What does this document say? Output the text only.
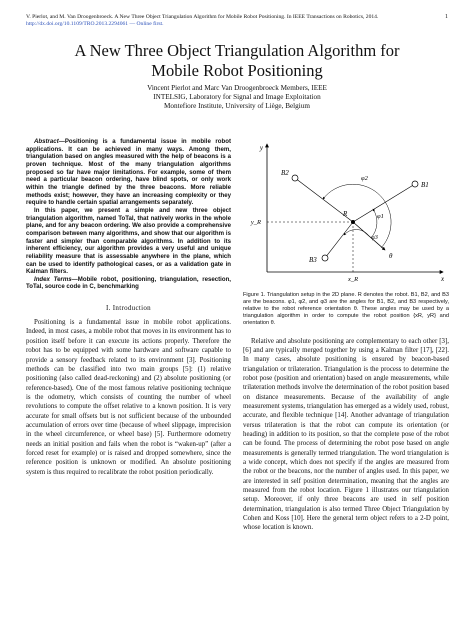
V. Pierlot, and M. Van Droogenbroeck. A New Three Object Triangulation Algorithm for Mobile Robot Positioning. In IEEE Transactions on Robotics, 2014. http://dx.doi.org/10.1109/TRO.2013.2294061 — Online first.
1
A New Three Object Triangulation Algorithm for
Mobile Robot Positioning
Vincent Pierlot and Marc Van Droogenbroeck Members, IEEE
INTELSIG, Laboratory for Signal and Image Exploitation
Montefiore Institute, University of Liège, Belgium

Abstract—Positioning is a fundamental issue in mobile robot applications. It can be achieved in many ways. Among them, triangulation based on angles measured with the help of beacons is a proven technique. Most of the many triangulation algorithms proposed so far have major limitations. For example, some of them need a particular beacon ordering, have blind spots, or only work within the triangle defined by the three beacons. More reliable methods exist; however, they have an increasing complexity or they require to handle certain spatial arrangements separately.

In this paper, we present a simple and new three object triangulation algorithm, named ToTal, that natively works in the whole plane, and for any beacon ordering. We also provide a comprehensive comparison between many algorithms, and show that our algorithm is faster and simpler than comparable algorithms. In addition to its inherent efficiency, our algorithm provides a very useful and unique reliability measure that is assessable anywhere in the plane, which can be used to identify pathological cases, or as a validation gate in Kalman filters.

Index Terms—Mobile robot, positioning, triangulation, resection, ToTal, source code in C, benchmarking

I. Introduction

Positioning is a fundamental issue in mobile robot applications. Indeed, in most cases, a mobile robot that moves in its environment has to position itself before it can execute its actions properly. Therefore the robot has to be equipped with some hardware and software capable to provide a sensory feedback related to its environment [3]. Positioning methods can be classified into two main groups [5]: (1) relative positioning (also called dead-reckoning) and (2) absolute positioning (or reference-based). One of the most famous relative positioning technique is the odometry, which consists of counting the number of wheel revolutions to compute the offset relative to a known position. It is very accurate for small offsets but is not sufficient because of the unbounded accumulation of errors over time (because of wheel slippage, imprecision in the wheel circumference, or wheel base) [5]. Furthermore odometry needs an initial position and fails when the robot is “waken-up” (after a forced reset for example) or is raised and dropped somewhere, since the reference position is unknown or modified. An absolute positioning system is thus required to recalibrate the robot position periodically.

y
x
y_R
x_R
B1
B2
B3
R
φ2
φ1
φ3
θ

Figure 1. Triangulation setup in the 2D plane. R denotes the robot. B1, B2, and B3 are the beacons. φ1, φ2, and φ3 are the angles for B1, B2, and B3 respectively, relative to the robot reference orientation θ. These angles may be used by a triangulation algorithm in order to compute the robot position {xR, yR} and orientation θ.

Relative and absolute positioning are complementary to each other [3], [6] and are typically merged together by using a Kalman filter [17], [22]. In many cases, absolute positioning is ensured by beacon-based triangulation or trilateration. Triangulation is the process to determine the robot pose (position and orientation) based on angle measurements, while trilateration methods involve the determination of the robot position based on distance measurements. Because of the availability of angle measurement systems, triangulation has emerged as a widely used, robust, accurate, and flexible technique [14]. Another advantage of triangulation versus trilateration is that the robot can compute its orientation (or heading) in addition to its position, so that the complete pose of the robot can be found. The process of determining the robot pose based on angle measurements is generally termed triangulation. The word triangulation is a wide concept, which does not specify if the angles are measured from the robot or the beacons, nor the number of angles used. In this paper, we are interested in self position determination, meaning that the angles are measured from the robot location. Figure 1 illustrates our triangulation setup. Moreover, if only three beacons are used in self position determination, triangulation is also termed Three Object Triangulation by Cohen and Koss [10]. Here the general term object refers to a 2-D point, whose location is known.
